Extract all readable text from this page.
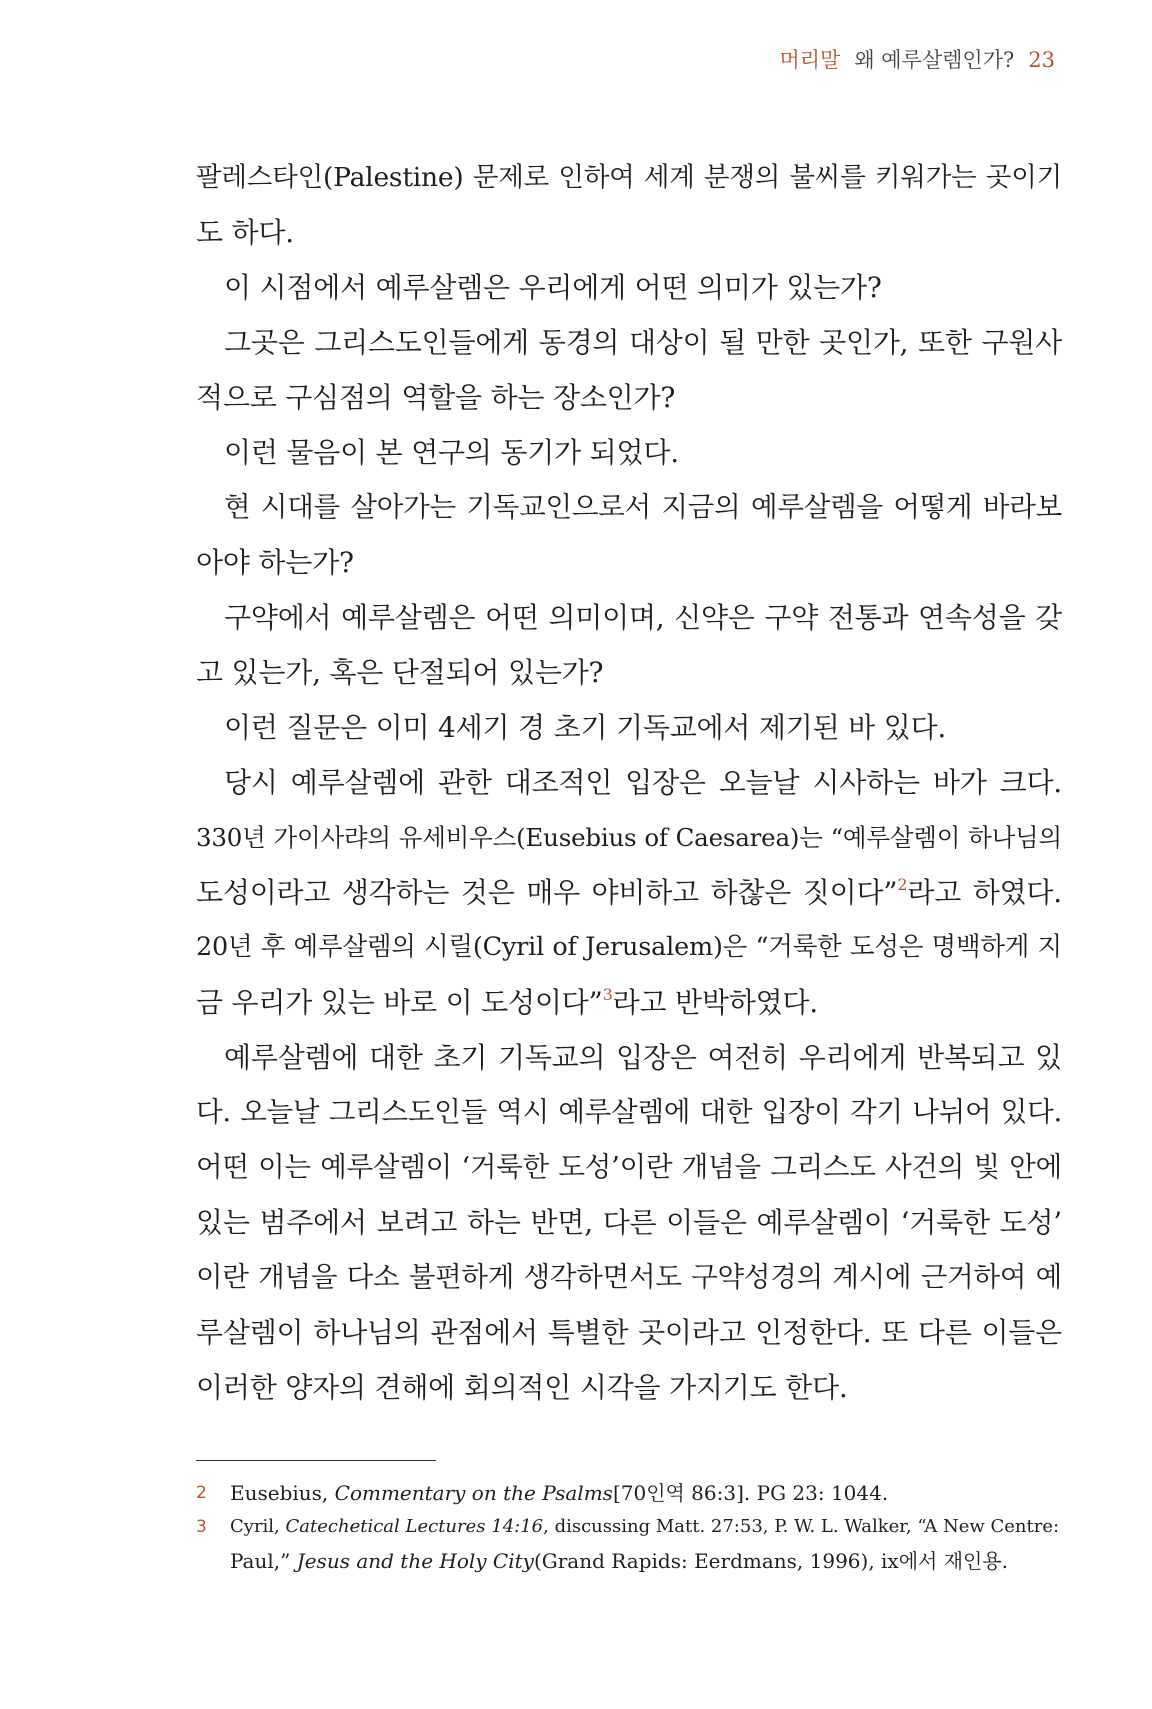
머리말 왜 예루살렘인가? 23
팔레스타인(Palestine) 문제로 인하여 세계 분쟁의 불씨를 키워가는 곳이기
도 하다.
이 시점에서 예루살렘은 우리에게 어떤 의미가 있는가?
그곳은 그리스도인들에게 동경의 대상이 될 만한 곳인가, 또한 구원사
적으로 구심점의 역할을 하는 장소인가?
이런 물음이 본 연구의 동기가 되었다.
현 시대를 살아가는 기독교인으로서 지금의 예루살렘을 어떻게 바라보
아야 하는가?
구약에서 예루살렘은 어떤 의미이며, 신약은 구약 전통과 연속성을 갖
고 있는가, 혹은 단절되어 있는가?
이런 질문은 이미 4세기 경 초기 기독교에서 제기된 바 있다.
당시 예루살렘에 관한 대조적인 입장은 오늘날 시사하는 바가 크다.
330년 가이사랴의 유세비우스(Eusebius of Caesarea)는 “예루살렘이 하나님의
도성이라고 생각하는 것은 매우 야비하고 하찮은 짓이다”$^2$라고 하였다.
20년 후 예루살렘의 시릴(Cyril of Jerusalem)은 “거룩한 도성은 명백하게 지
금 우리가 있는 바로 이 도성이다”$^3$라고 반박하였다.
예루살렘에 대한 초기 기독교의 입장은 여전히 우리에게 반복되고 있
다. 오늘날 그리스도인들 역시 예루살렘에 대한 입장이 각기 나뉘어 있다.
어떤 이는 예루살렘이 ‘거룩한 도성’이란 개념을 그리스도 사건의 빛 안에
있는 범주에서 보려고 하는 반면, 다른 이들은 예루살렘이 ‘거룩한 도성’
이란 개념을 다소 불편하게 생각하면서도 구약성경의 계시에 근거하여 예
루살렘이 하나님의 관점에서 특별한 곳이라고 인정한다. 또 다른 이들은
이러한 양자의 견해에 회의적인 시각을 가지기도 한다.
2 Eusebius, Commentary on the Psalms[70인역 86:3]. PG 23: 1044.
3 Cyril, Catechetical Lectures 14:16, discussing Matt. 27:53, P. W. L. Walker, “A New Centre:
Paul,” Jesus and the Holy City(Grand Rapids: Eerdmans, 1996), ix에서 재인용.
